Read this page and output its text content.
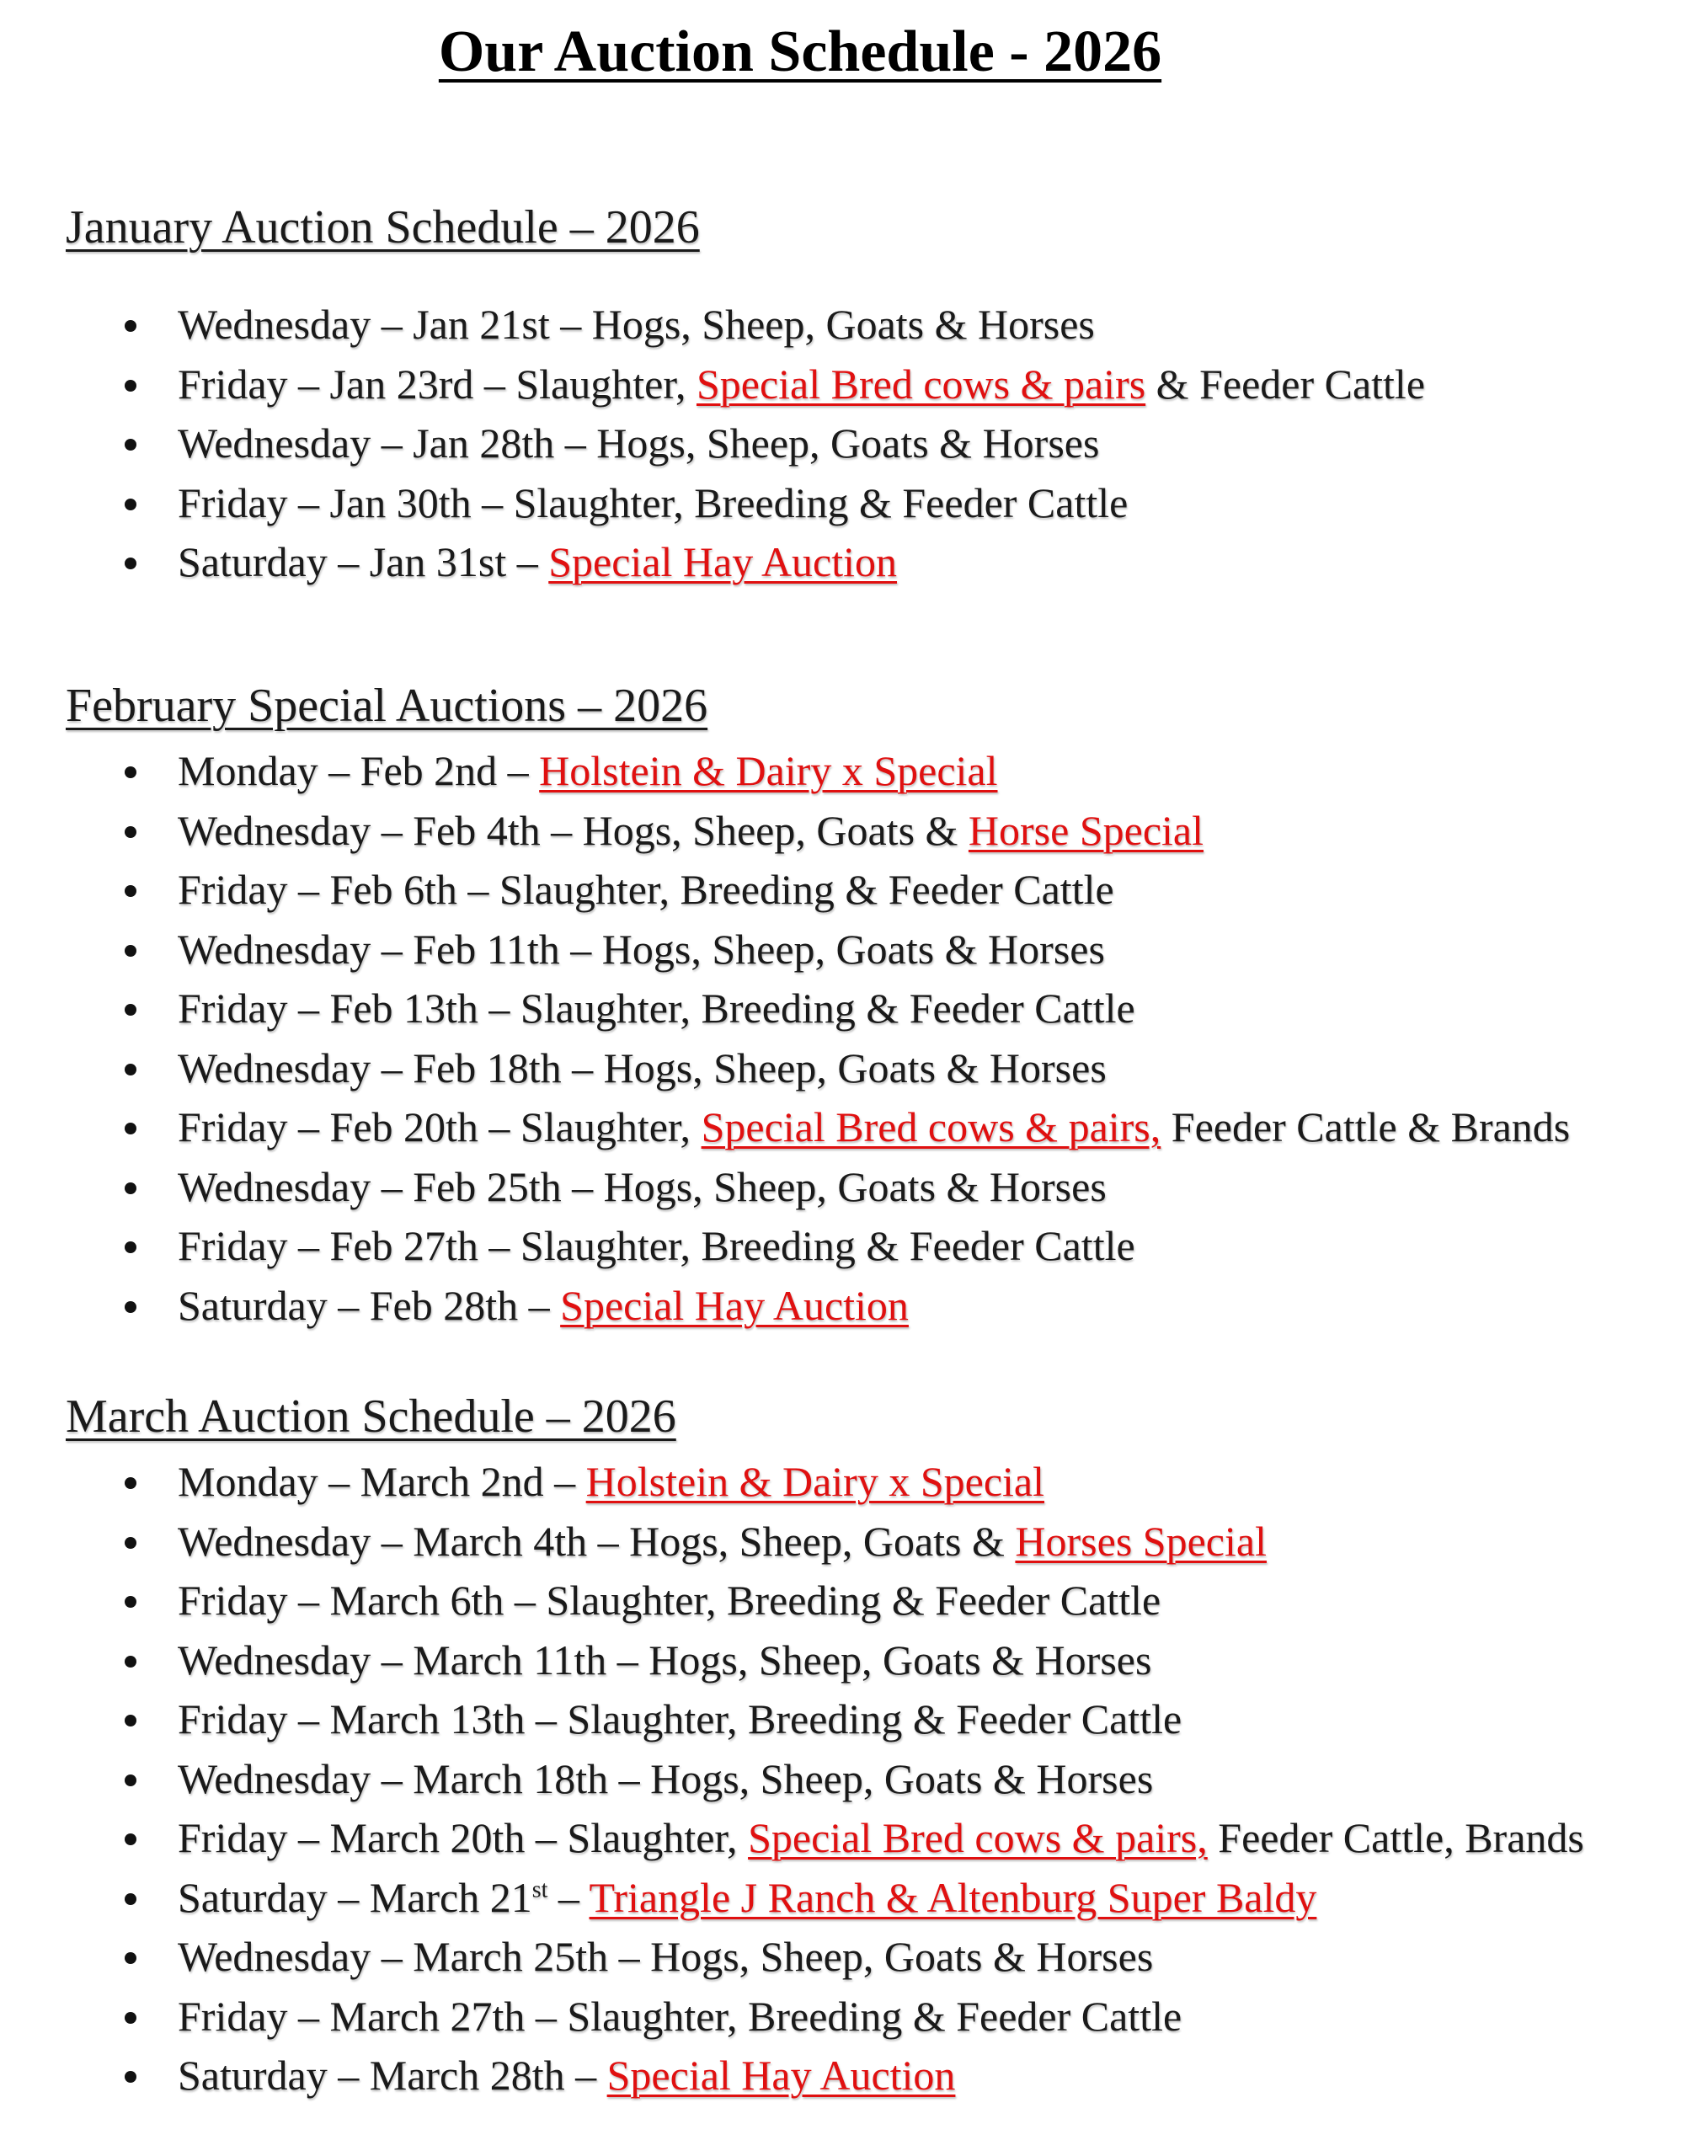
Our Auction Schedule - 2026
January Auction Schedule – 2026
Wednesday – Jan 21st – Hogs, Sheep, Goats & Horses
Friday – Jan 23rd – Slaughter, Special Bred cows & pairs & Feeder Cattle
Wednesday – Jan 28th – Hogs, Sheep, Goats & Horses
Friday – Jan 30th – Slaughter, Breeding & Feeder Cattle
Saturday – Jan 31st – Special Hay Auction
February Special Auctions – 2026
Monday – Feb 2nd – Holstein & Dairy x Special
Wednesday – Feb 4th – Hogs, Sheep, Goats & Horse Special
Friday – Feb 6th – Slaughter, Breeding & Feeder Cattle
Wednesday – Feb 11th – Hogs, Sheep, Goats & Horses
Friday – Feb 13th – Slaughter, Breeding & Feeder Cattle
Wednesday – Feb 18th – Hogs, Sheep, Goats & Horses
Friday – Feb 20th – Slaughter, Special Bred cows & pairs, Feeder Cattle & Brands
Wednesday – Feb 25th – Hogs, Sheep, Goats & Horses
Friday – Feb 27th – Slaughter, Breeding & Feeder Cattle
Saturday – Feb 28th – Special Hay Auction
March Auction Schedule – 2026
Monday – March 2nd – Holstein & Dairy x Special
Wednesday – March 4th – Hogs, Sheep, Goats & Horses Special
Friday – March 6th – Slaughter, Breeding & Feeder Cattle
Wednesday – March 11th – Hogs, Sheep, Goats & Horses
Friday – March 13th – Slaughter, Breeding & Feeder Cattle
Wednesday – March 18th – Hogs, Sheep, Goats & Horses
Friday – March 20th – Slaughter, Special Bred cows & pairs, Feeder Cattle, Brands
Saturday – March 21st – Triangle J Ranch & Altenburg Super Baldy
Wednesday – March 25th – Hogs, Sheep, Goats & Horses
Friday – March 27th – Slaughter, Breeding & Feeder Cattle
Saturday – March 28th – Special Hay Auction
